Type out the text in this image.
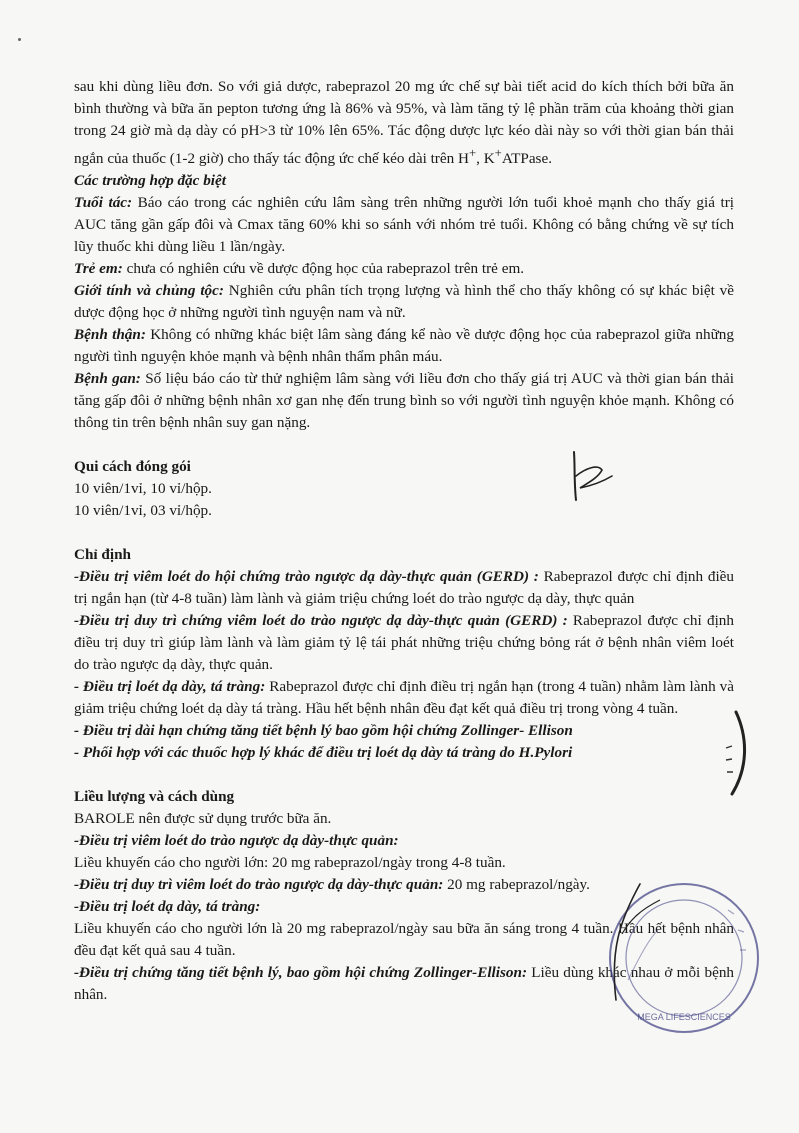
sau khi dùng liều đơn. So với giả dược, rabeprazol 20 mg ức chế sự bài tiết acid do kích thích bởi bữa ăn bình thường và bữa ăn pepton tương ứng là 86% và 95%, và làm tăng tỷ lệ phần trăm của khoảng thời gian trong 24 giờ mà dạ dày có pH>3 từ 10% lên 65%. Tác động dược lực kéo dài này so với thời gian bán thải ngắn của thuốc (1-2 giờ) cho thấy tác động ức chế kéo dài trên H+, K+ATPase.

Các trường hợp đặc biệt

Tuổi tác: Báo cáo trong các nghiên cứu lâm sàng trên những người lớn tuổi khoẻ mạnh cho thấy giá trị AUC tăng gần gấp đôi và Cmax tăng 60% khi so sánh với nhóm trẻ tuổi. Không có bằng chứng về sự tích lũy thuốc khi dùng liều 1 lần/ngày.

Trẻ em: chưa có nghiên cứu về dược động học của rabeprazol trên trẻ em.

Giới tính và chủng tộc: Nghiên cứu phân tích trọng lượng và hình thể cho thấy không có sự khác biệt về dược động học ở những người tình nguyện nam và nữ.

Bệnh thận: Không có những khác biệt lâm sàng đáng kể nào về dược động học của rabeprazol giữa những người tình nguyện khỏe mạnh và bệnh nhân thẩm phân máu.

Bệnh gan: Số liệu báo cáo từ thử nghiệm lâm sàng với liều đơn cho thấy giá trị AUC và thời gian bán thải tăng gấp đôi ở những bệnh nhân xơ gan nhẹ đến trung bình so với người tình nguyện khỏe mạnh. Không có thông tin trên bệnh nhân suy gan nặng.

Qui cách đóng gói

10 viên/1vỉ, 10 vỉ/hộp.

10 viên/1vỉ, 03 vỉ/hộp.

Chỉ định

-Điều trị viêm loét do hội chứng trào ngược dạ dày-thực quản (GERD) : Rabeprazol được chỉ định điều trị ngắn hạn (từ 4-8 tuần) làm lành và giảm triệu chứng loét do trào ngược dạ dày, thực quản

-Điều trị duy trì chứng viêm loét do trào ngược dạ dày-thực quản (GERD) : Rabeprazol được chỉ định điều trị duy trì giúp làm lành và làm giảm tỷ lệ tái phát những triệu chứng bỏng rát ở bệnh nhân viêm loét do trào ngược dạ dày, thực quản.

- Điều trị loét dạ dày, tá tràng: Rabeprazol được chỉ định điều trị ngắn hạn (trong 4 tuần) nhằm làm lành và giảm triệu chứng loét dạ dày tá tràng. Hầu hết bệnh nhân đều đạt kết quả điều trị trong vòng 4 tuần.

- Điều trị dài hạn chứng tăng tiết bệnh lý bao gồm hội chứng Zollinger- Ellison

- Phối hợp với các thuốc hợp lý khác để điều trị loét dạ dày tá tràng do H.Pylori

Liều lượng và cách dùng

BAROLE nên được sử dụng trước bữa ăn.

-Điều trị viêm loét do trào ngược dạ dày-thực quản:

Liều khuyến cáo cho người lớn: 20 mg rabeprazol/ngày trong 4-8 tuần.

-Điều trị duy trì viêm loét do trào ngược dạ dày-thực quản: 20 mg rabeprazol/ngày.

-Điều trị loét dạ dày, tá tràng:

Liều khuyến cáo cho người lớn là 20 mg rabeprazol/ngày sau bữa ăn sáng trong 4 tuần. Hầu hết bệnh nhân đều đạt kết quả sau 4 tuần.

-Điều trị chứng tăng tiết bệnh lý, bao gồm hội chứng Zollinger-Ellison: Liều dùng khác nhau ở mỗi bệnh nhân.

MEGA LIFESCIENCES
